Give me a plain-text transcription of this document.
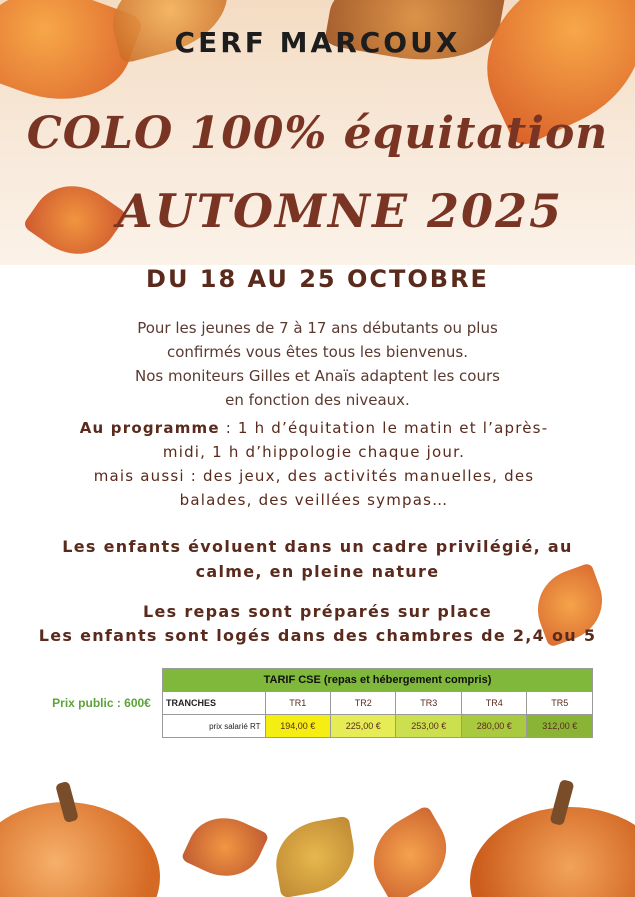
CERF MARCOUX
COLO 100% équitation
AUTOMNE 2025
DU 18 AU 25 OCTOBRE
Pour les jeunes de 7 à 17 ans débutants ou plus
confirmés vous êtes tous les bienvenus.
Nos moniteurs Gilles et Anaïs adaptent les cours
en fonction des niveaux.
Au programme : 1 h d’équitation le matin et l’après-
midi, 1 h d’hippologie chaque jour.
mais aussi : des jeux, des activités manuelles, des
balades, des veillées sympas…
Les enfants évoluent dans un cadre privilégié, au
calme, en pleine nature
Les repas sont préparés sur place
Les enfants sont logés dans des chambres de 2,4 ou 5
Prix public : 600€	TARIF CSE (repas et hébergement compris)					
	TRANCHES	TR1	TR2	TR3	TR4	TR5
	prix salarié RT	194,00 €	225,00 €	253,00 €	280,00 €	312,00 €
